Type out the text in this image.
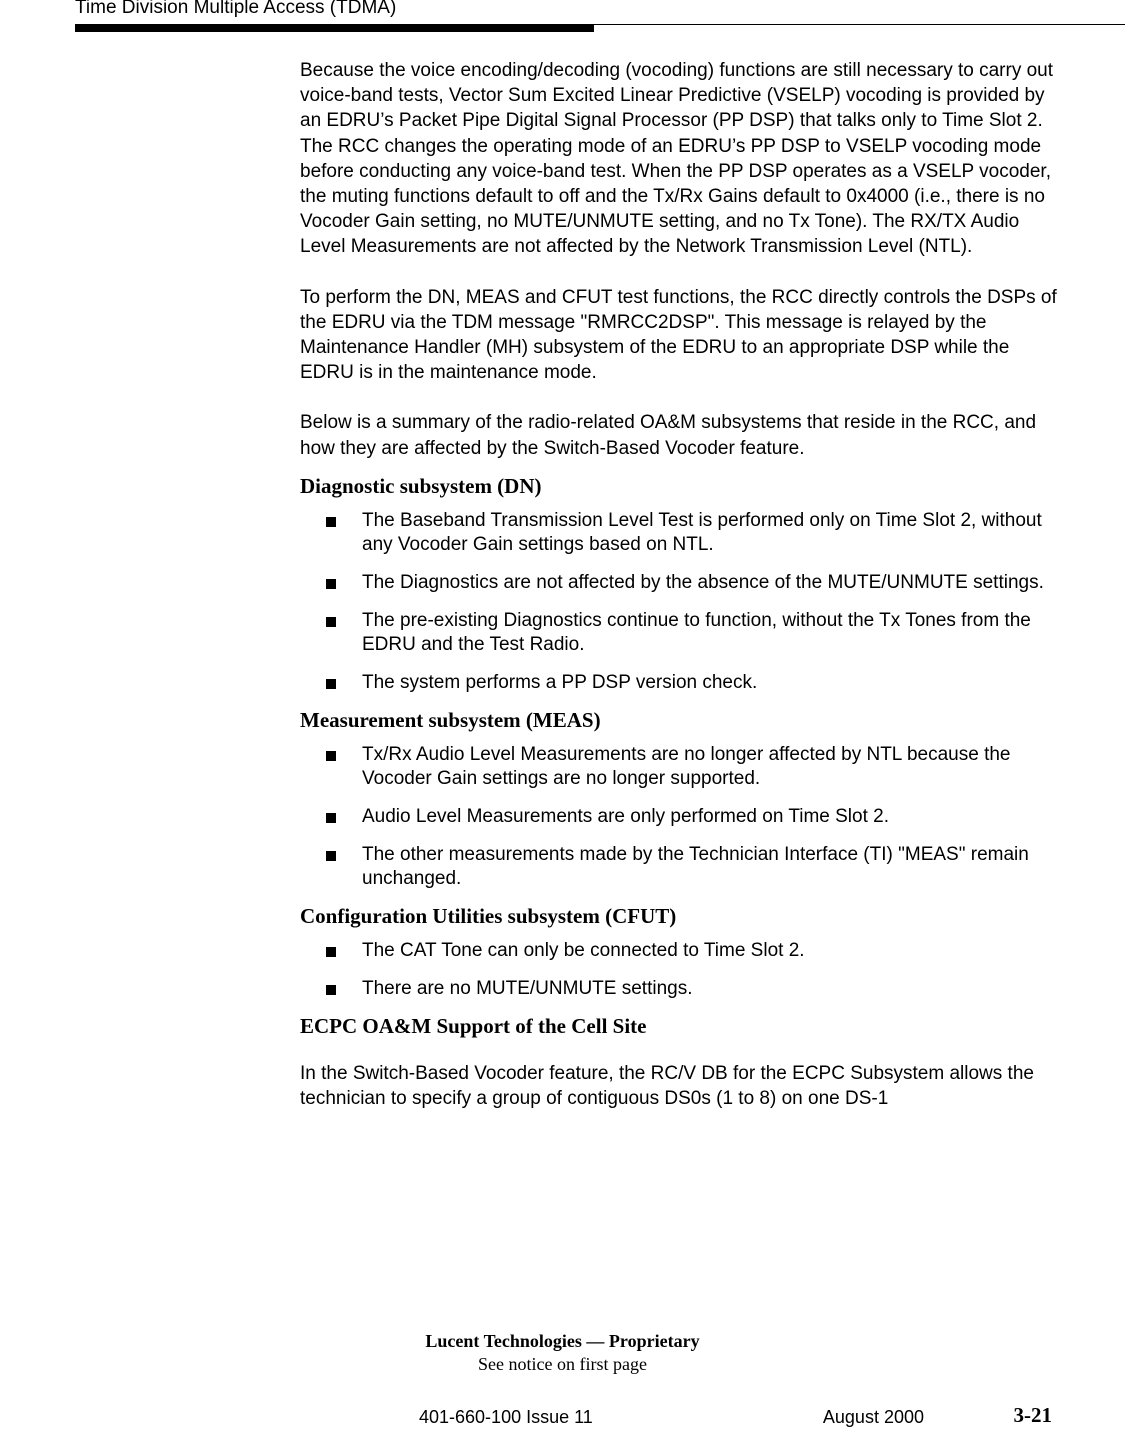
Time Division Multiple Access (TDMA)

Because the voice encoding/decoding (vocoding) functions are still necessary to carry out voice-band tests, Vector Sum Excited Linear Predictive (VSELP) vocoding is provided by an EDRU’s Packet Pipe Digital Signal Processor (PP DSP) that talks only to Time Slot 2. The RCC changes the operating mode of an EDRU’s PP DSP to VSELP vocoding mode before conducting any voice-band test. When the PP DSP operates as a VSELP vocoder, the muting functions default to off and the Tx/Rx Gains default to 0x4000 (i.e., there is no Vocoder Gain setting, no MUTE/UNMUTE setting, and no Tx Tone). The RX/TX Audio Level Measurements are not affected by the Network Transmission Level (NTL).

To perform the DN, MEAS and CFUT test functions, the RCC directly controls the DSPs of the EDRU via the TDM message "RMRCC2DSP". This message is relayed by the Maintenance Handler (MH) subsystem of the EDRU to an appropriate DSP while the EDRU is in the maintenance mode.

Below is a summary of the radio-related OA&M subsystems that reside in the RCC, and how they are affected by the Switch-Based Vocoder feature.

Diagnostic subsystem (DN)
The Baseband Transmission Level Test is performed only on Time Slot 2, without any Vocoder Gain settings based on NTL.
The Diagnostics are not affected by the absence of the MUTE/UNMUTE settings.
The pre-existing Diagnostics continue to function, without the Tx Tones from the EDRU and the Test Radio.
The system performs a PP DSP version check.
Measurement subsystem (MEAS)
Tx/Rx Audio Level Measurements are no longer affected by NTL because the Vocoder Gain settings are no longer supported.
Audio Level Measurements are only performed on Time Slot 2.
The other measurements made by the Technician Interface (TI) "MEAS" remain unchanged.
Configuration Utilities subsystem (CFUT)
The CAT Tone can only be connected to Time Slot 2.
There are no MUTE/UNMUTE settings.
ECPC OA&M Support of the Cell Site

In the Switch-Based Vocoder feature, the RC/V DB for the ECPC Subsystem allows the technician to specify a group of contiguous DS0s (1 to 8) on one DS-1

Lucent Technologies — Proprietary
See notice on first page
401-660-100 Issue 11	August 2000	3-21
